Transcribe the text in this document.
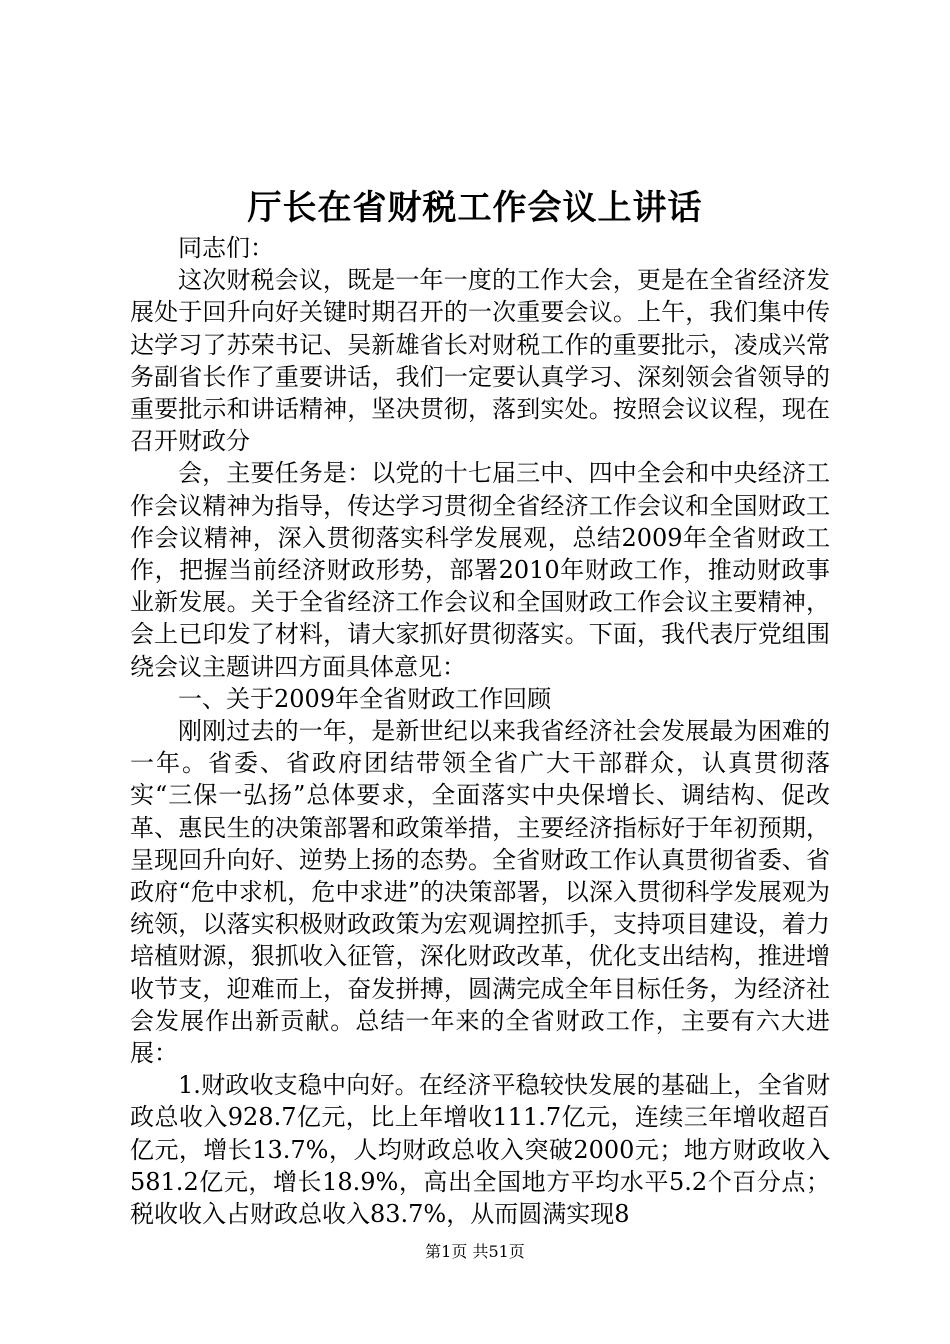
厅长在省财税工作会议上讲话

同志们：

这次财税会议，既是一年一度的工作大会，更是在全省经济发展处于回升向好关键时期召开的一次重要会议。上午，我们集中传达学习了苏荣书记、吴新雄省长对财税工作的重要批示，凌成兴常务副省长作了重要讲话，我们一定要认真学习、深刻领会省领导的重要批示和讲话精神，坚决贯彻，落到实处。按照会议议程，现在召开财政分

会，主要任务是：以党的十七届三中、四中全会和中央经济工作会议精神为指导，传达学习贯彻全省经济工作会议和全国财政工作会议精神，深入贯彻落实科学发展观，总结2009年全省财政工作，把握当前经济财政形势，部署2010年财政工作，推动财政事业新发展。关于全省经济工作会议和全国财政工作会议主要精神，会上已印发了材料，请大家抓好贯彻落实。下面，我代表厅党组围绕会议主题讲四方面具体意见：

一、关于2009年全省财政工作回顾

刚刚过去的一年，是新世纪以来我省经济社会发展最为困难的一年。省委、省政府团结带领全省广大干部群众，认真贯彻落实“三保一弘扬”总体要求，全面落实中央保增长、调结构、促改革、惠民生的决策部署和政策举措，主要经济指标好于年初预期，呈现回升向好、逆势上扬的态势。全省财政工作认真贯彻省委、省政府“危中求机，危中求进”的决策部署，以深入贯彻科学发展观为统领，以落实积极财政政策为宏观调控抓手，支持项目建设，着力培植财源，狠抓收入征管，深化财政改革，优化支出结构，推进增收节支，迎难而上，奋发拼搏，圆满完成全年目标任务，为经济社会发展作出新贡献。总结一年来的全省财政工作，主要有六大进展：

1.财政收支稳中向好。在经济平稳较快发展的基础上，全省财政总收入928.7亿元，比上年增收111.7亿元，连续三年增收超百亿元，增长13.7%，人均财政总收入突破2000元；地方财政收入581.2亿元，增长18.9%，高出全国地方平均水平5.2个百分点；税收收入占财政总收入83.7%，从而圆满实现8

第1页 共51页
